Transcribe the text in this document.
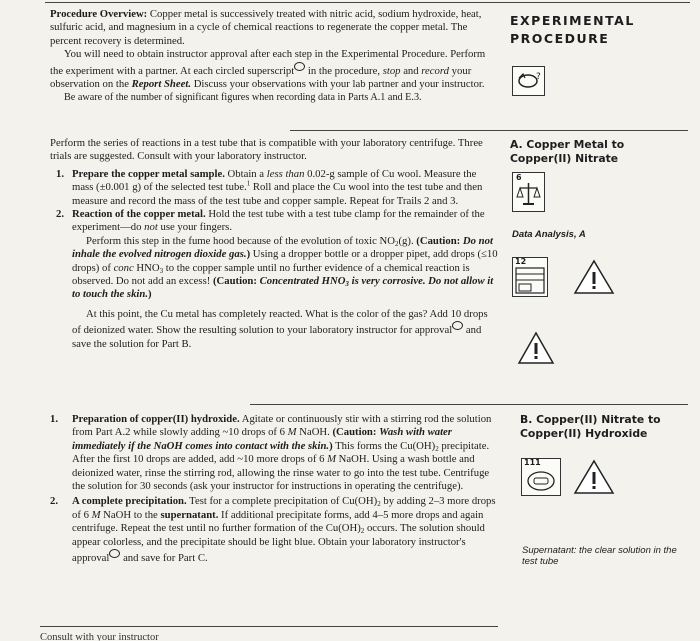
EXPERIMENTAL
PROCEDURE

Procedure Overview: Copper metal is successively treated with nitric acid, sodium hydroxide, heat, sulfuric acid, and magnesium in a cycle of chemical reactions to regenerate the copper metal. The percent recovery is determined.

You will need to obtain instructor approval after each step in the Experimental Procedure. Perform the experiment with a partner. At each circled superscript in the procedure, stop and record your observation on the Report Sheet. Discuss your observations with your lab partner and your instructor.

Be aware of the number of significant figures when recording data in Parts A.1 and E.3.

?
A. Copper Metal to
Copper(II) Nitrate

Perform the series of reactions in a test tube that is compatible with your laboratory centrifuge. Three trials are suggested. Consult with your laboratory instructor.

1. Prepare the copper metal sample. Obtain a less than 0.02-g sample of Cu wool. Measure the mass (±0.001 g) of the selected test tube.$^1$ Roll and place the Cu wool into the test tube and then measure and record the mass of the test tube and copper sample. Repeat for Trails 2 and 3.
2. Reaction of the copper metal. Hold the test tube with a test tube clamp for the remainder of the experiment—do not use your fingers.

Perform this step in the fume hood because of the evolution of toxic $NO_2(g)$. (Caution: Do not inhale the evolved nitrogen dioxide gas.) Using a dropper bottle or a dropper pipet, add drops (≤10 drops) of conc $HNO_3$ to the copper sample until no further evidence of a chemical reaction is observed. Do not add an excess! (Caution: Concentrated $HNO_3$ is very corrosive. Do not allow it to touch the skin.)

At this point, the Cu metal has completely reacted. What is the color of the gas? Add 10 drops of deionized water. Show the resulting solution to your laboratory instructor for approval and save the solution for Part B.

6
Data Analysis, A
12
B. Copper(II) Nitrate to
Copper(II) Hydroxide
1. Preparation of copper(II) hydroxide. Agitate or continuously stir with a stirring rod the solution from Part A.2 while slowly adding ~10 drops of 6 M NaOH. (Caution: Wash with water immediately if the NaOH comes into contact with the skin.) This forms the $Cu(OH)_2$ precipitate. After the first 10 drops are added, add ~10 more drops of 6 M NaOH. Using a wash bottle and deionized water, rinse the stirring rod, allowing the rinse water to go into the test tube. Centrifuge the solution for 30 seconds (ask your instructor for instructions in operating the centrifuge).
2. A complete precipitation. Test for a complete precipitation of $Cu(OH)_2$ by adding 2–3 more drops of 6 M NaOH to the supernatant. If additional precipitate forms, add 4–5 more drops and again centrifuge. Repeat the test until no further formation of the $Cu(OH)_2$ occurs. The solution should appear colorless, and the precipitate should be light blue. Obtain your laboratory instructor's approval and save for Part C.
111
Supernatant: the clear solution in the test tube
Consult with your instructor
